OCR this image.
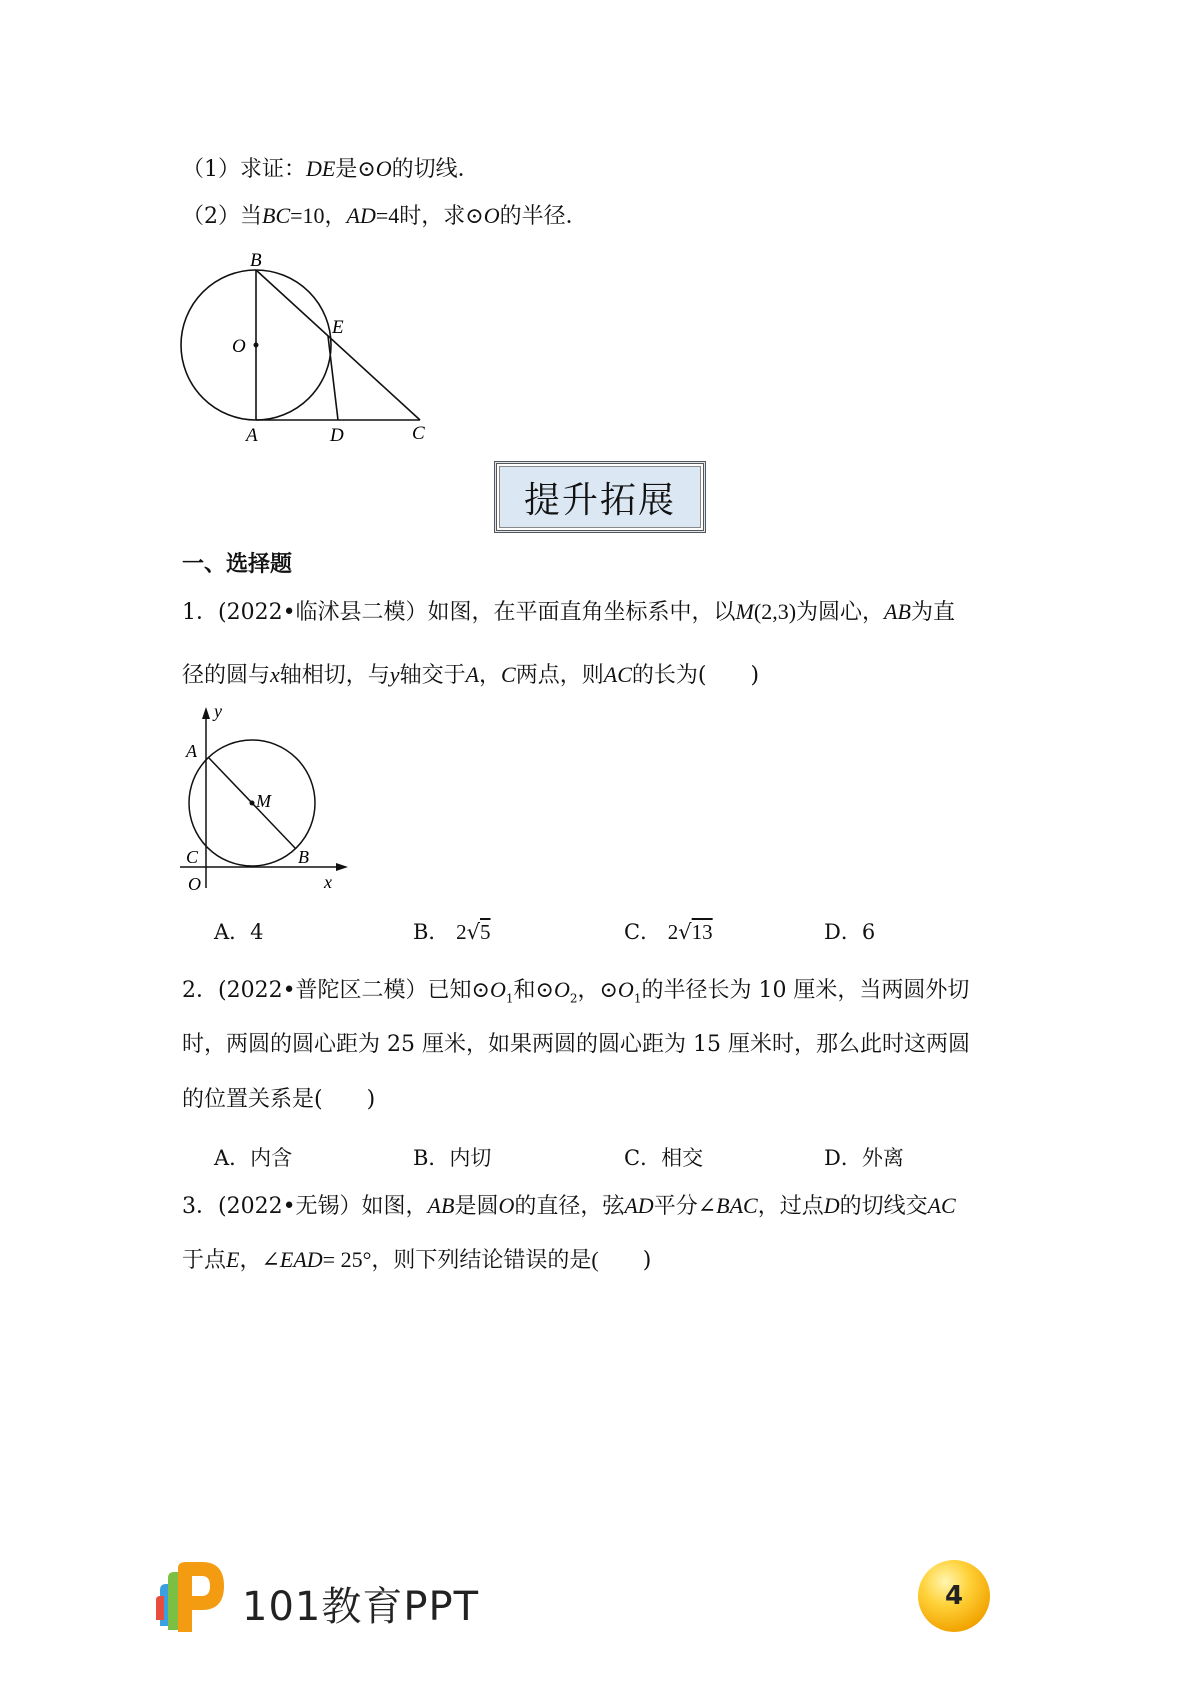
（1）求证：DE是⊙O的切线．
（2）当BC=10，AD=4时，求⊙O的半径．
B
E
O
A	D	C
提升拓展
一、选择题
1．(2022•临沭县二模）如图，在平面直角坐标系中，以M(2,3)为圆心，AB为直
径的圆与x轴相切，与y轴交于A，C两点，则AC的长为( )
y
A
M
C	B
O	x
A．4	B． 2√5	C． 2√13	D．6
2．(2022•普陀区二模）已知$⊙O_1$和$⊙O_2$，$⊙O_1$的半径长为 10 厘米，当两圆外切
时，两圆的圆心距为 25 厘米，如果两圆的圆心距为 15 厘米时，那么此时这两圆
的位置关系是( )
A．内含	B．内切	C．相交	D．外离
3．(2022•无锡）如图，AB是圆O的直径，弦AD平分∠BAC，过点D的切线交AC
于点E，∠EAD= 25°，则下列结论错误的是( )
101教育PPT	4
